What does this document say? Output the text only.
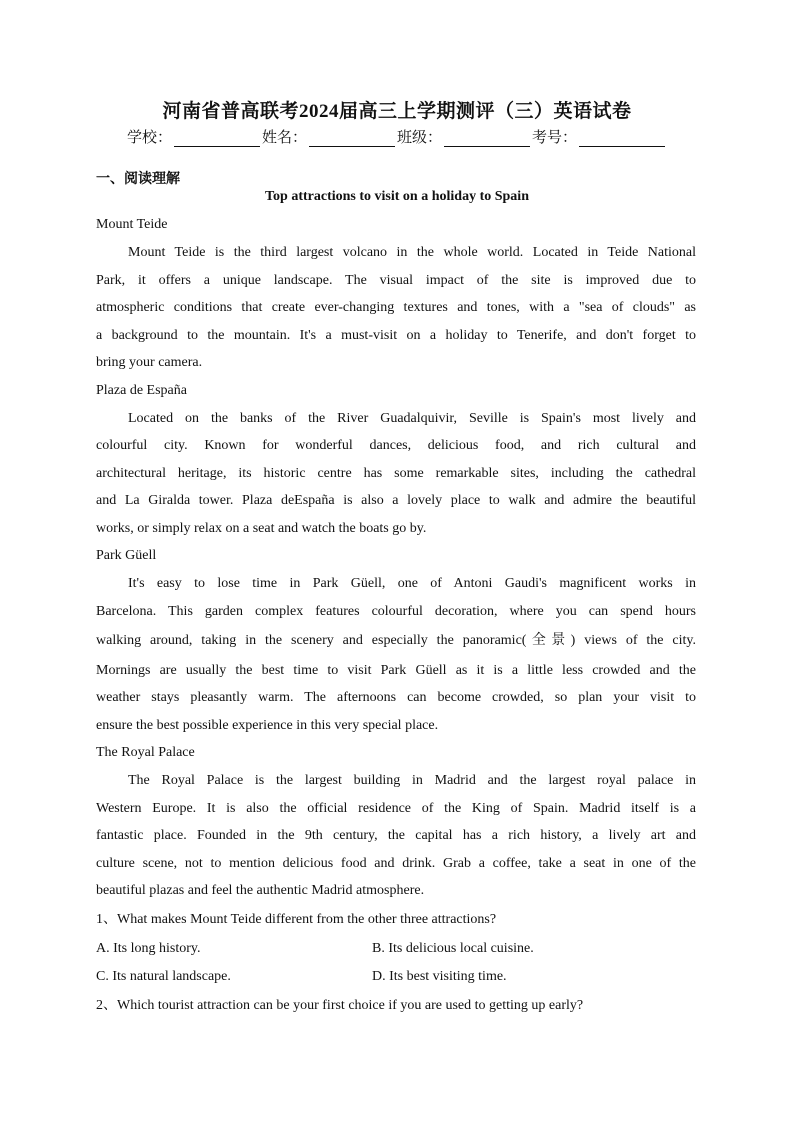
河南省普高联考2024届高三上学期测评（三）英语试卷
学校：	姓名：	班级：	考号：
一、阅读理解
Top attractions to visit on a holiday to Spain
Mount Teide
Mount Teide is the third largest volcano in the whole world. Located in Teide National
Park, it offers a unique landscape. The visual impact of the site is improved due to
atmospheric conditions that create ever-changing textures and tones, with a "sea of clouds" as
a background to the mountain. It's a must-visit on a holiday to Tenerife, and don't forget to
bring your camera.
Plaza de España
Located on the banks of the River Guadalquivir, Seville is Spain's most lively and
colourful city. Known for wonderful dances, delicious food, and rich cultural and
architectural heritage, its historic centre has some remarkable sites, including the cathedral
and La Giralda tower. Plaza deEspaña is also a lovely place to walk and admire the beautiful
works, or simply relax on a seat and watch the boats go by.
Park Güell
It's easy to lose time in Park Güell, one of Antoni Gaudi's magnificent works in
Barcelona. This garden complex features colourful decoration, where you can spend hours
walking around, taking in the scenery and especially the panoramic(全景) views of the city.
Mornings are usually the best time to visit Park Güell as it is a little less crowded and the
weather stays pleasantly warm. The afternoons can become crowded, so plan your visit to
ensure the best possible experience in this very special place.
The Royal Palace
The Royal Palace is the largest building in Madrid and the largest royal palace in
Western Europe. It is also the official residence of the King of Spain. Madrid itself is a
fantastic place. Founded in the 9th century, the capital has a rich history, a lively art and
culture scene, not to mention delicious food and drink. Grab a coffee, take a seat in one of the
beautiful plazas and feel the authentic Madrid atmosphere.
1、What makes Mount Teide different from the other three attractions?
A. Its long history.	B. Its delicious local cuisine.
C. Its natural landscape.	D. Its best visiting time.
2、Which tourist attraction can be your first choice if you are used to getting up early?
